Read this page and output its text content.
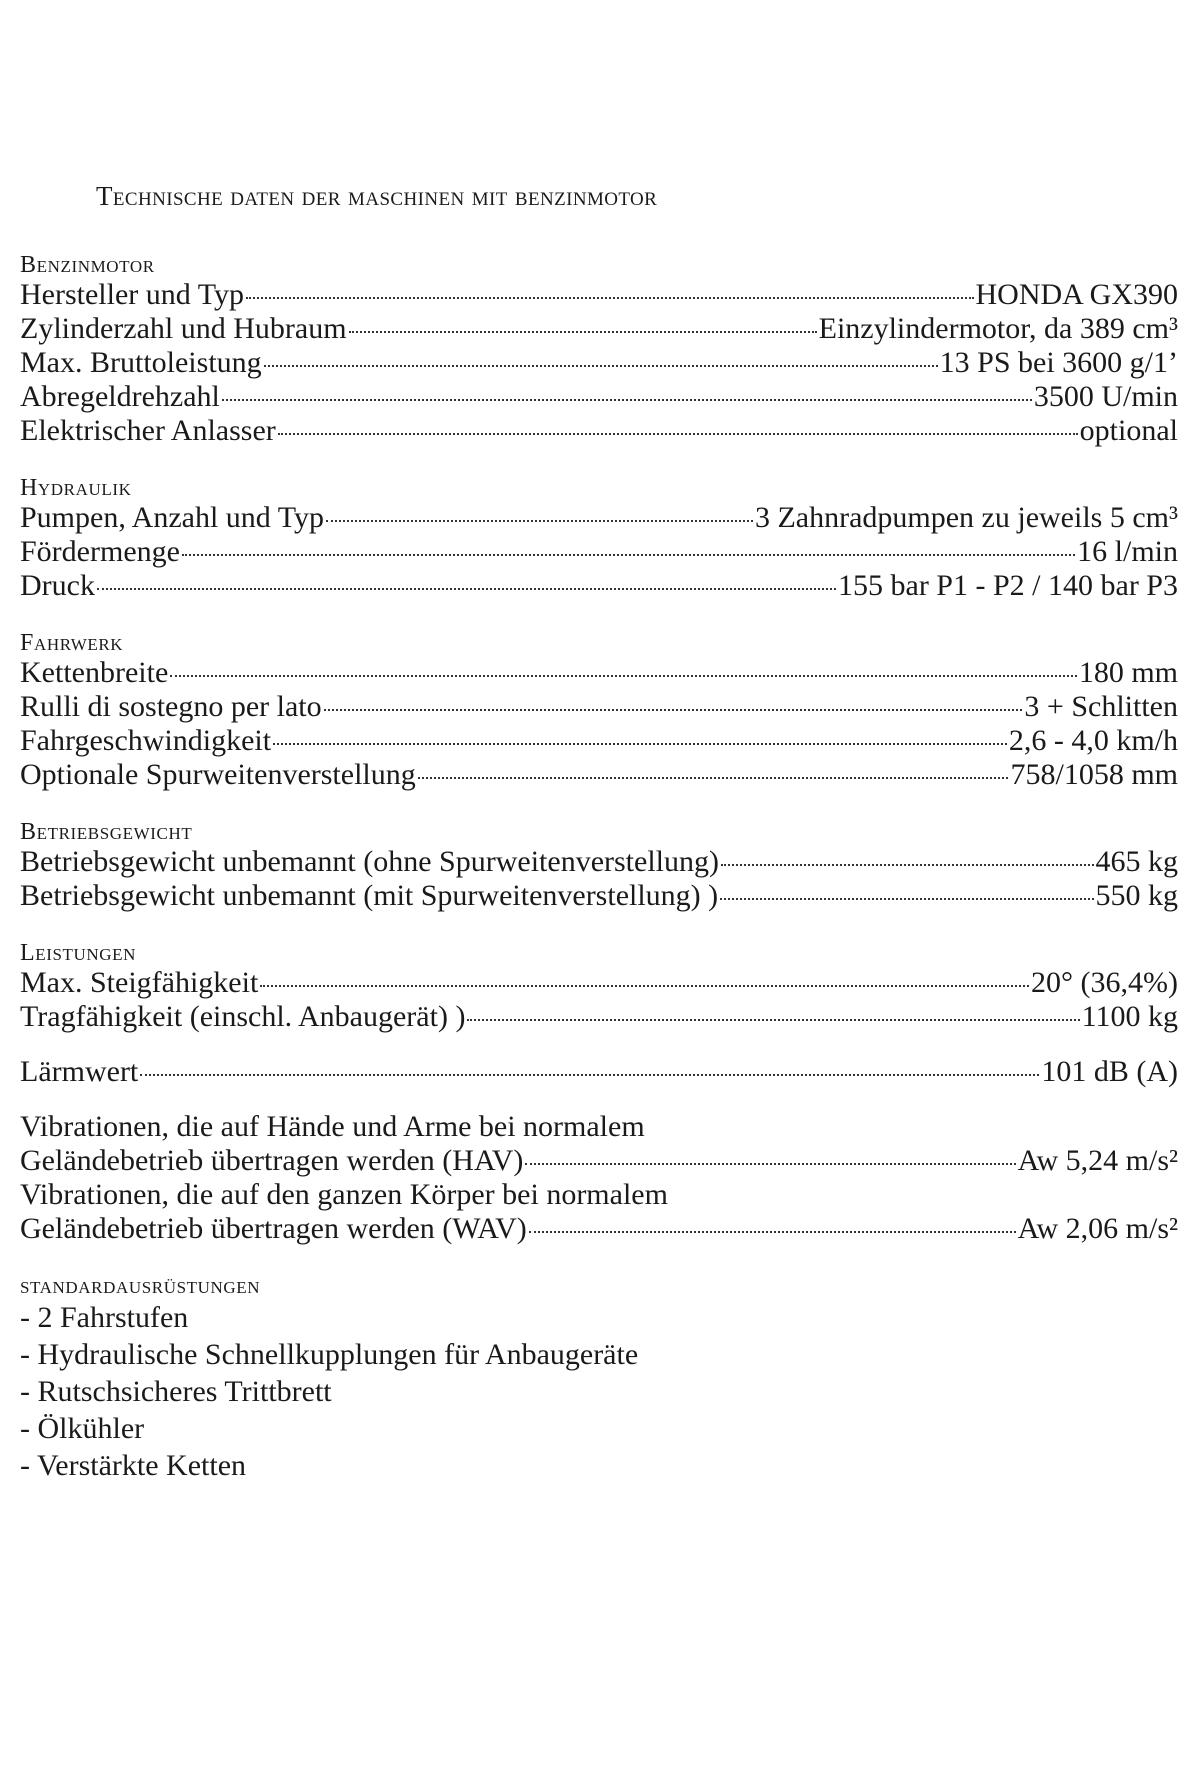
Technische daten der maschinen mit benzinmotor
Benzinmotor
Hersteller und Typ	HONDA GX390
Zylinderzahl und Hubraum	Einzylindermotor, da 389 cm³
Max. Bruttoleistung	13 PS bei 3600 g/1’
Abregeldrehzahl	3500 U/min
Elektrischer Anlasser	optional
Hydraulik
Pumpen, Anzahl und Typ	3 Zahnradpumpen zu jeweils 5 cm³
Fördermenge	16 l/min
Druck	155 bar P1 - P2 / 140 bar P3
Fahrwerk
Kettenbreite	180 mm
Rulli di sostegno per lato	3 + Schlitten
Fahrgeschwindigkeit	2,6 - 4,0 km/h
Optionale Spurweitenverstellung	758/1058 mm
Betriebsgewicht
Betriebsgewicht unbemannt (ohne Spurweitenverstellung)	465 kg
Betriebsgewicht unbemannt (mit Spurweitenverstellung) )	550 kg
Leistungen
Max. Steigfähigkeit	20° (36,4%)
Tragfähigkeit (einschl. Anbaugerät) )	1100 kg
Lärmwert	101 dB (A)
Vibrationen, die auf Hände und Arme bei normalem
Geländebetrieb übertragen werden (HAV)	Aw 5,24 m/s²
Vibrationen, die auf den ganzen Körper bei normalem
Geländebetrieb übertragen werden (WAV)	Aw 2,06 m/s²
standardausrüstungen
- 2 Fahrstufen
- Hydraulische Schnellkupplungen für Anbaugeräte
- Rutschsicheres Trittbrett
- Ölkühler
- Verstärkte Ketten
